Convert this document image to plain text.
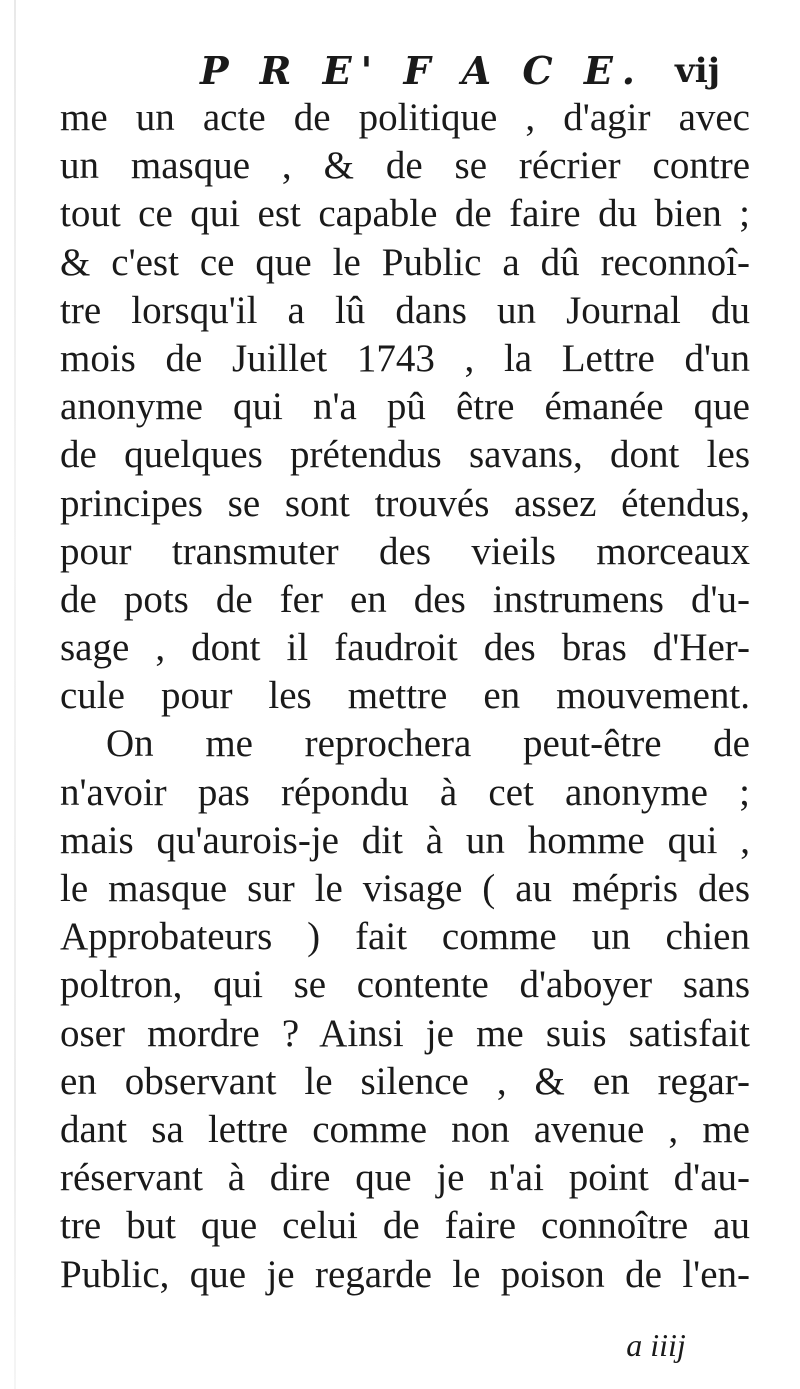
P R E' F A C E. vij
me un acte de politique , d'agir avec
un masque , & de se récrier contre
tout ce qui est capable de faire du bien ;
& c'est ce que le Public a dû reconnoî-
tre lorsqu'il a lû dans un Journal du
mois de Juillet 1743 , la Lettre d'un
anonyme qui n'a pû être émanée que
de quelques prétendus savans, dont les
principes se sont trouvés assez étendus,
pour transmuter des vieils morceaux
de pots de fer en des instrumens d'u-
sage , dont il faudroit des bras d'Her-
cule pour les mettre en mouvement.
On me reprochera peut-être de
n'avoir pas répondu à cet anonyme ;
mais qu'aurois-je dit à un homme qui ,
le masque sur le visage ( au mépris des
Approbateurs ) fait comme un chien
poltron, qui se contente d'aboyer sans
oser mordre ? Ainsi je me suis satisfait
en observant le silence , & en regar-
dant sa lettre comme non avenue , me
réservant à dire que je n'ai point d'au-
tre but que celui de faire connoître au
Public, que je regarde le poison de l'en-
a iiij
